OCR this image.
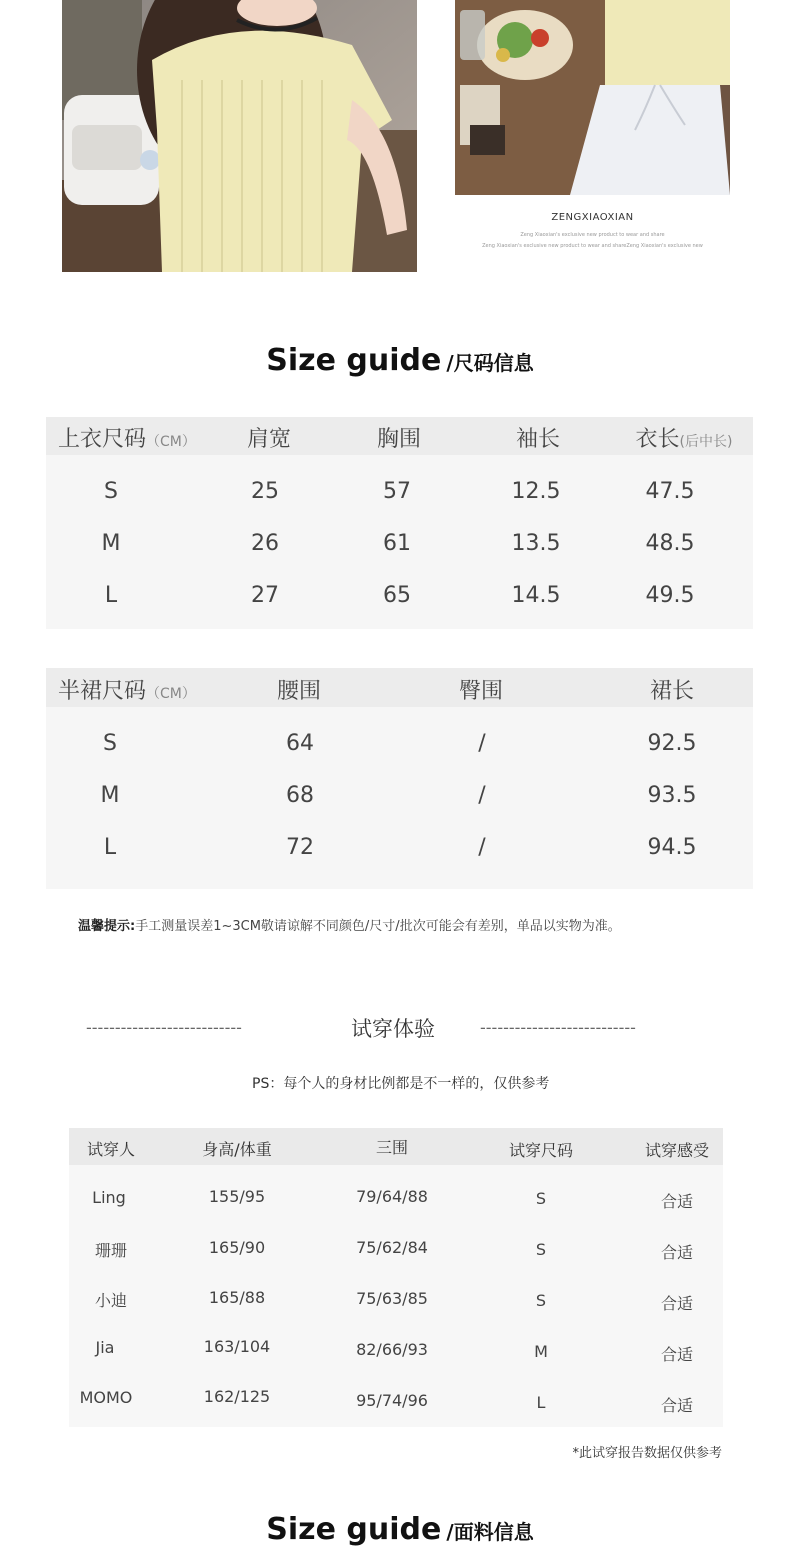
ZENGXIAOXIAN
Zeng Xiaoxian's exclusive new product to wear and share
Zeng Xiaoxian's exclusive new product to wear and shareZeng Xiaoxian's exclusive new
Size guide /尺码信息
上衣尺码（CM） 肩宽	胸围	袖长	衣长(后中长)
S	25	57	12.5	47.5
M	26	61	13.5	48.5
L	27	65	14.5	49.5
半裙尺码（CM）	腰围	臀围	裙长
S	64	/	92.5
M	68	/	93.5
L	72	/	94.5
温馨提示:手工测量误差1~3CM敬请谅解不同颜色/尺寸/批次可能会有差别，单品以实物为准。
---------------------------	试穿体验	---------------------------
PS：每个人的身材比例都是不一样的，仅供参考
试穿人	身高/体重	三围	试穿尺码	试穿感受
Ling	155/95	79/64/88	S	合适
珊珊	165/90	75/62/84	S	合适
小迪	165/88	75/63/85	S	合适
Jia	163/104	82/66/93	M	合适
MOMO	162/125	95/74/96	L	合适
*此试穿报告数据仅供参考
Size guide /面料信息
